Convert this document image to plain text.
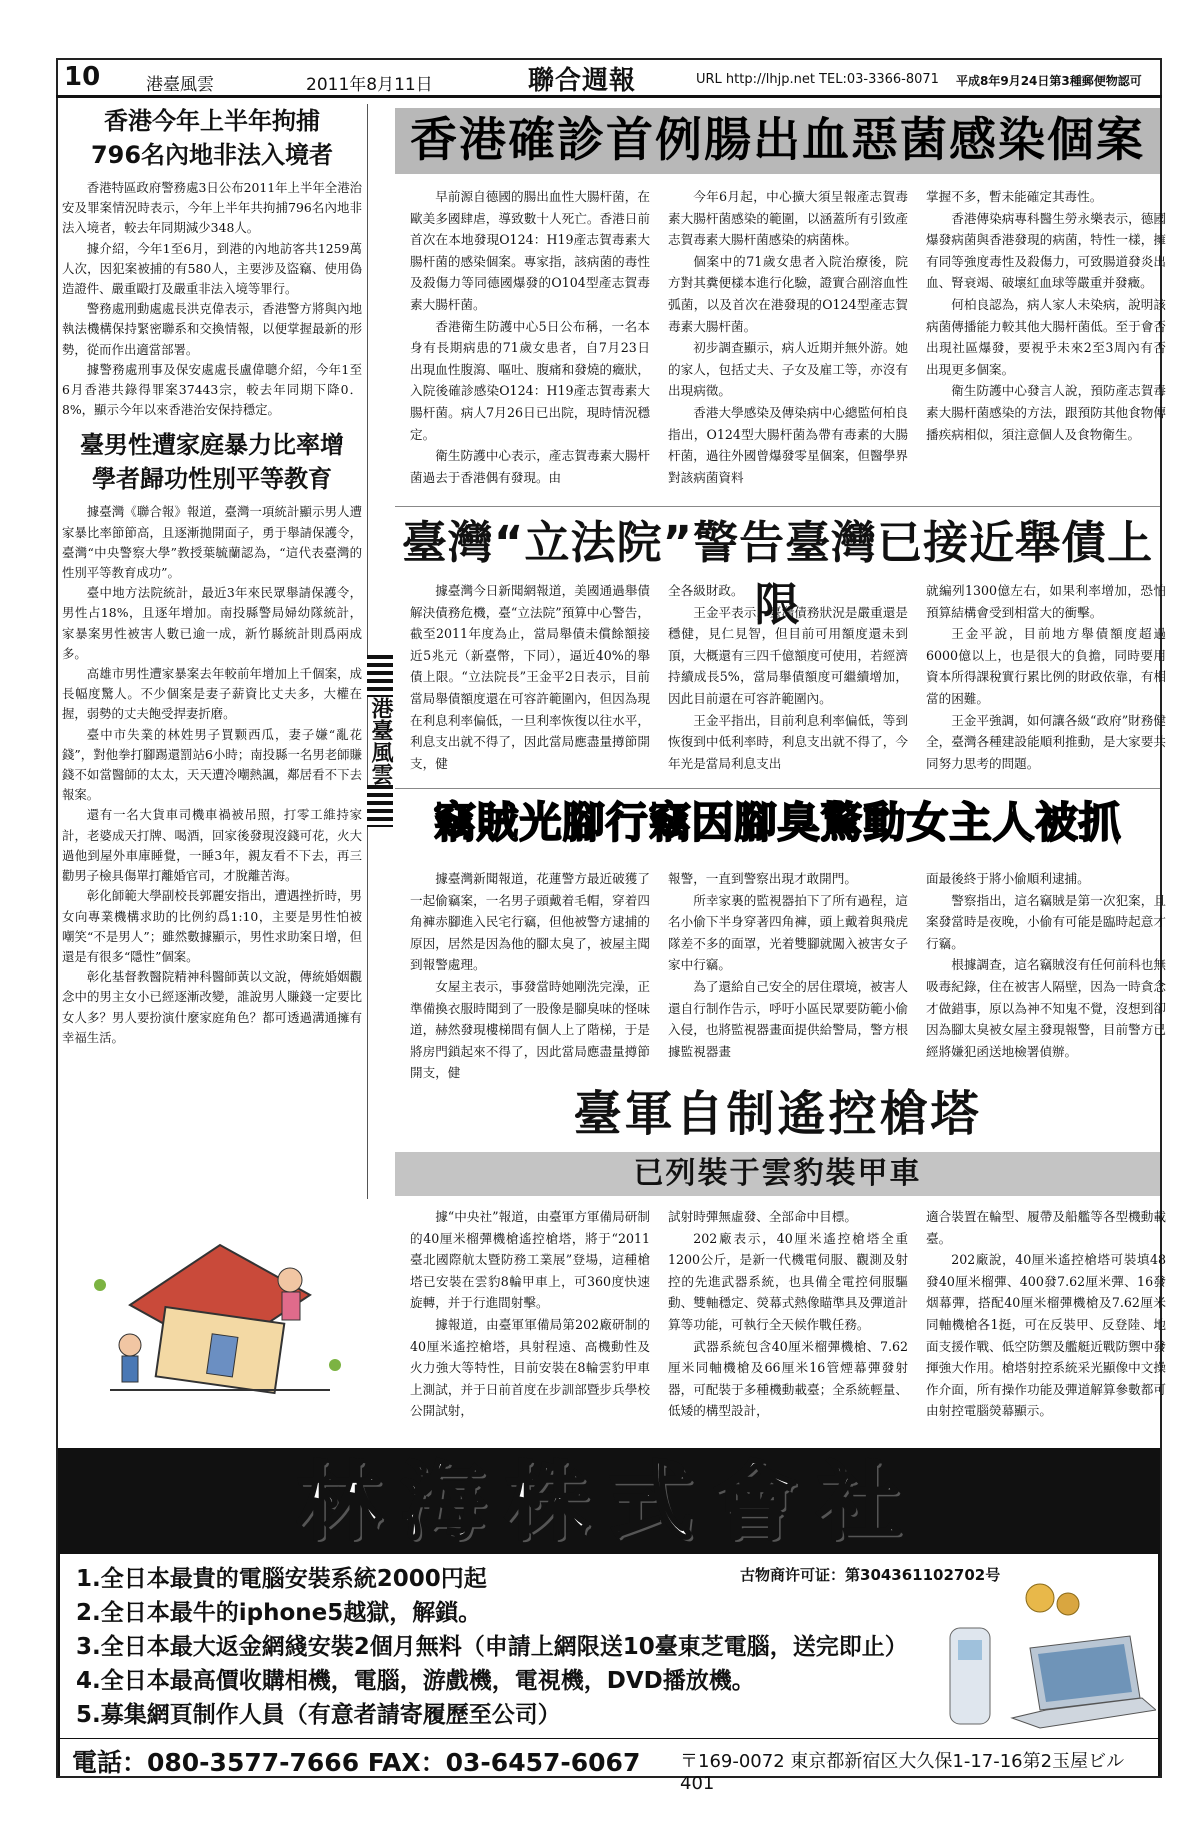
10	港臺風雲	2011年8月11日	聯合週報	URL http://lhjp.net TEL:03-3366-8071 平成8年9月24日第3種郵便物認可
香港今年上半年拘捕
796名內地非法入境者

香港特區政府警務處3日公布2011年上半年全港治安及罪案情況時表示，今年上半年共拘捕796名內地非法入境者，較去年同期減少348人。

據介紹，今年1至6月，到港的內地訪客共1259萬人次，因犯案被捕的有580人，主要涉及盜竊、使用偽造證件、嚴重毆打及嚴重非法入境等罪行。

警務處刑動處處長洪克偉表示，香港警方將與內地執法機構保持緊密聯系和交換情報，以便掌握最新的形勢，從而作出適當部署。

據警務處刑事及保安處處長盧偉聰介紹，今年1至6月香港共錄得罪案37443宗，較去年同期下降0．8%，顯示今年以來香港治安保持穩定。

臺男性遭家庭暴力比率增
學者歸功性別平等教育

據臺灣《聯合報》報道，臺灣一項統計顯示男人遭家暴比率節節高，且逐漸拋開面子，勇于舉請保護令，臺灣“中央警察大學”教授葉毓蘭認為，“這代表臺灣的性別平等教育成功”。

臺中地方法院統計，最近3年來民眾舉請保護令，男性占18%，且逐年增加。南投縣警局婦幼隊統計，家暴案男性被害人數已逾一成，新竹縣統計則爲兩成多。

高雄市男性遭家暴案去年較前年增加上千個案，成長幅度驚人。不少個案是妻子薪資比丈夫多，大權在握，弱勢的丈夫飽受捍妻折磨。

臺中市失業的林姓男子買颗西瓜，妻子嫌“亂花錢”，對他拳打腳踢還罰站6小時；南投縣一名男老師賺錢不如當醫師的太太，天天遭冷嘲熱諷，鄰居看不下去報案。

還有一名大貨車司機車禍被吊照，打零工維持家計，老婆成天打牌、喝酒，回家後發現沒錢可花，火大過他到屋外車庫睡覺，一睡3年，親友看不下去，再三勸男子檢具傷單打離婚官司，才脫離苦海。

彰化師範大學副校長郭麗安指出，遭遇挫折時，男女向專業機構求助的比例約爲1:10，主要是男性怕被嘲笑“不是男人”；雖然數據顯示，男性求助案日增，但還是有很多“隱性”個案。

彰化基督教醫院精神科醫師黃以文說，傳統婚姻觀念中的男主女小已經逐漸改變，誰說男人賺錢一定要比女人多？男人要扮演什麼家庭角色？都可透過溝通擁有幸福生活。

港臺風雲
香港確診首例腸出血惡菌感染個案
早前源自德國的腸出血性大腸杆菌，在歐美多國肆虐，導致數十人死亡。香港日前首次在本地發現O124：H19產志賀毒素大腸杆菌的感染個案。專家指，該病菌的毒性及殺傷力等同德國爆發的O104型產志賀毒素大腸杆菌。
香港衛生防護中心5日公布稱，一名本身有長期病患的71歲女患者，自7月23日出現血性腹瀉、嘔吐、腹痛和發燒的癥狀，入院後確診感染O124：H19產志賀毒素大腸杆菌。病人7月26日已出院，現時情況穩定。
衛生防護中心表示，產志賀毒素大腸杆菌過去于香港偶有發現。由
今年6月起，中心擴大須呈報產志賀毒素大腸杆菌感染的範圍，以涵蓋所有引致產志賀毒素大腸杆菌感染的病菌株。
個案中的71歲女患者入院治療後，院方對其糞便樣本進行化驗，證實合副溶血性弧菌，以及首次在港發現的O124型產志賀毒素大腸杆菌。
初步調查顯示，病人近期并無外游。她的家人，包括丈夫、子女及雇工等，亦沒有出現病徵。
香港大學感染及傳染病中心總監何柏良指出，O124型大腸杆菌為帶有毒素的大腸杆菌，過往外國曾爆發零星個案，但醫學界對該病菌資料
掌握不多，暫未能確定其毒性。
香港傳染病專科醫生勞永樂表示，德國爆發病菌與香港發現的病菌，特性一樣，擁有同等強度毒性及殺傷力，可致腸道發炎出血、腎衰竭、破壞紅血球等嚴重并發癥。
何柏良認為，病人家人未染病，說明該病菌傳播能力較其他大腸杆菌低。至于會否出現社區爆發，要視乎未來2至3周內有否出現更多個案。
衛生防護中心發言人說，預防產志賀毒素大腸杆菌感染的方法，跟預防其他食物傳播疾病相似，須注意個人及食物衛生。
臺灣“立法院”警告臺灣已接近舉債上限
據臺灣今日新聞網報道，美國通過舉債解決債務危機，臺“立法院”預算中心警告，截至2011年度為止，當局舉債未償餘額接近5兆元（新臺幣，下同），逼近40%的舉債上限。“立法院長”王金平2日表示，目前當局舉債額度還在可容許範圍內，但因為現在利息利率偏低，一旦利率恢復以往水平，利息支出就不得了，因此當局應盡量撙節開支，健
全各級財政。
王金平表示，臺灣債務狀況是嚴重還是穩健，見仁見智，但目前可用額度還未到頂，大概還有三四千億額度可使用，若經濟持續成長5%，當局舉債額度可繼續增加，因此目前還在可容許範圍內。
王金平指出，目前利息利率偏低，等到恢復到中低利率時，利息支出就不得了，今年光是當局利息支出
就編列1300億左右，如果利率增加，恐怕預算結構會受到相當大的衝擊。
王金平說，目前地方舉債額度超過6000億以上，也是很大的負擔，同時要用資本所得課稅實行累比例的財政依靠，有相當的困難。
王金平強調，如何讓各級“政府”財務健全，臺灣各種建設能順利推動，是大家要共同努力思考的問題。
竊賊光腳行竊因腳臭驚動女主人被抓
據臺灣新聞報道，花蓮警方最近破獲了一起偷竊案，一名男子頭戴着毛帽，穿着四角褲赤腳進入民宅行竊，但他被警方逮捕的原因，居然是因為他的腳太臭了，被屋主聞到報警處理。
女屋主表示，事發當時她剛洗完澡，正準備換衣服時聞到了一股像是腳臭味的怪味道，赫然發現樓梯間有個人上了階梯，于是將房門鎖起來不得了，因此當局應盡量撙節開支，健
報警，一直到警察出現才敢開門。
所幸家裏的監視器拍下了所有過程，這名小偷下半身穿著四角褲，頭上戴着與飛虎隊差不多的面罩，光着雙腳就闖入被害女子家中行竊。
為了還給自己安全的居住環境，被害人還自行制作告示，呼吁小區民眾要防範小偷入侵，也將監視器畫面提供給警局，警方根據監視器畫
面最後終于將小偷順利逮捕。
警察指出，這名竊賊是第一次犯案，且案發當時是夜晚，小偷有可能是臨時起意才行竊。
根據調查，這名竊賊沒有任何前科也無吸毒紀錄，住在被害人隔壁，因為一時貪念才做錯事，原以為神不知鬼不覺，沒想到卻因為腳太臭被女屋主發現報警，目前警方已經將嫌犯函送地檢署偵辦。
臺軍自制遙控槍塔
已列裝于雲豹裝甲車
據“中央社”報道，由臺軍方軍備局研制的40厘米榴彈機槍遙控槍塔，將于“2011臺北國際航太暨防務工業展”登場，這種槍塔已安裝在雲豹8輪甲車上，可360度快速旋轉，并于行進間射擊。
據報道，由臺軍軍備局第202廠研制的40厘米遙控槍塔，具射程遠、高機動性及火力強大等特性，目前安裝在8輪雲豹甲車上測試，并于日前首度在步訓部暨步兵學校公開試射，
試射時彈無虛發、全部命中目標。
202廠表示，40厘米遙控槍塔全重1200公斤，是新一代機電伺服、觀測及射控的先進武器系統，也具備全電控伺服驅動、雙軸穩定、熒幕式熱像瞄準具及彈道計算等功能，可執行全天候作戰任務。
武器系統包含40厘米榴彈機槍、7.62厘米同軸機槍及66厘米16管煙幕彈發射器，可配裝于多種機動載臺；全系統輕量、低矮的構型設計，
適合裝置在輪型、履帶及船艦等各型機動載臺。
202廠說，40厘米遙控槍塔可裝填48發40厘米榴彈、400發7.62厘米彈、16發烟幕彈，搭配40厘米榴彈機槍及7.62厘米同軸機槍各1挺，可在反裝甲、反登陸、地面支援作戰、低空防禦及艦艇近戰防禦中發揮強大作用。槍塔射控系統采光顯像中文操作介面，所有操作功能及彈道解算參數都可由射控電腦熒幕顯示。
林海株式會社
1.全日本最貴的電腦安裝系統2000円起
2.全日本最牛的iphone5越獄，解鎖。
3.全日本最大返金網綫安裝2個月無料（申請上網限送10臺東芝電腦，送完即止）
4.全日本最高價收購相機，電腦，游戲機，電視機，DVD播放機。
5.募集網頁制作人員（有意者請寄履歷至公司）
古物商许可证：第304361102702号
電話：080-3577-7666 FAX：03-6457-6067 〒169-0072 東京都新宿区大久保1-17-16第2玉屋ビル401
